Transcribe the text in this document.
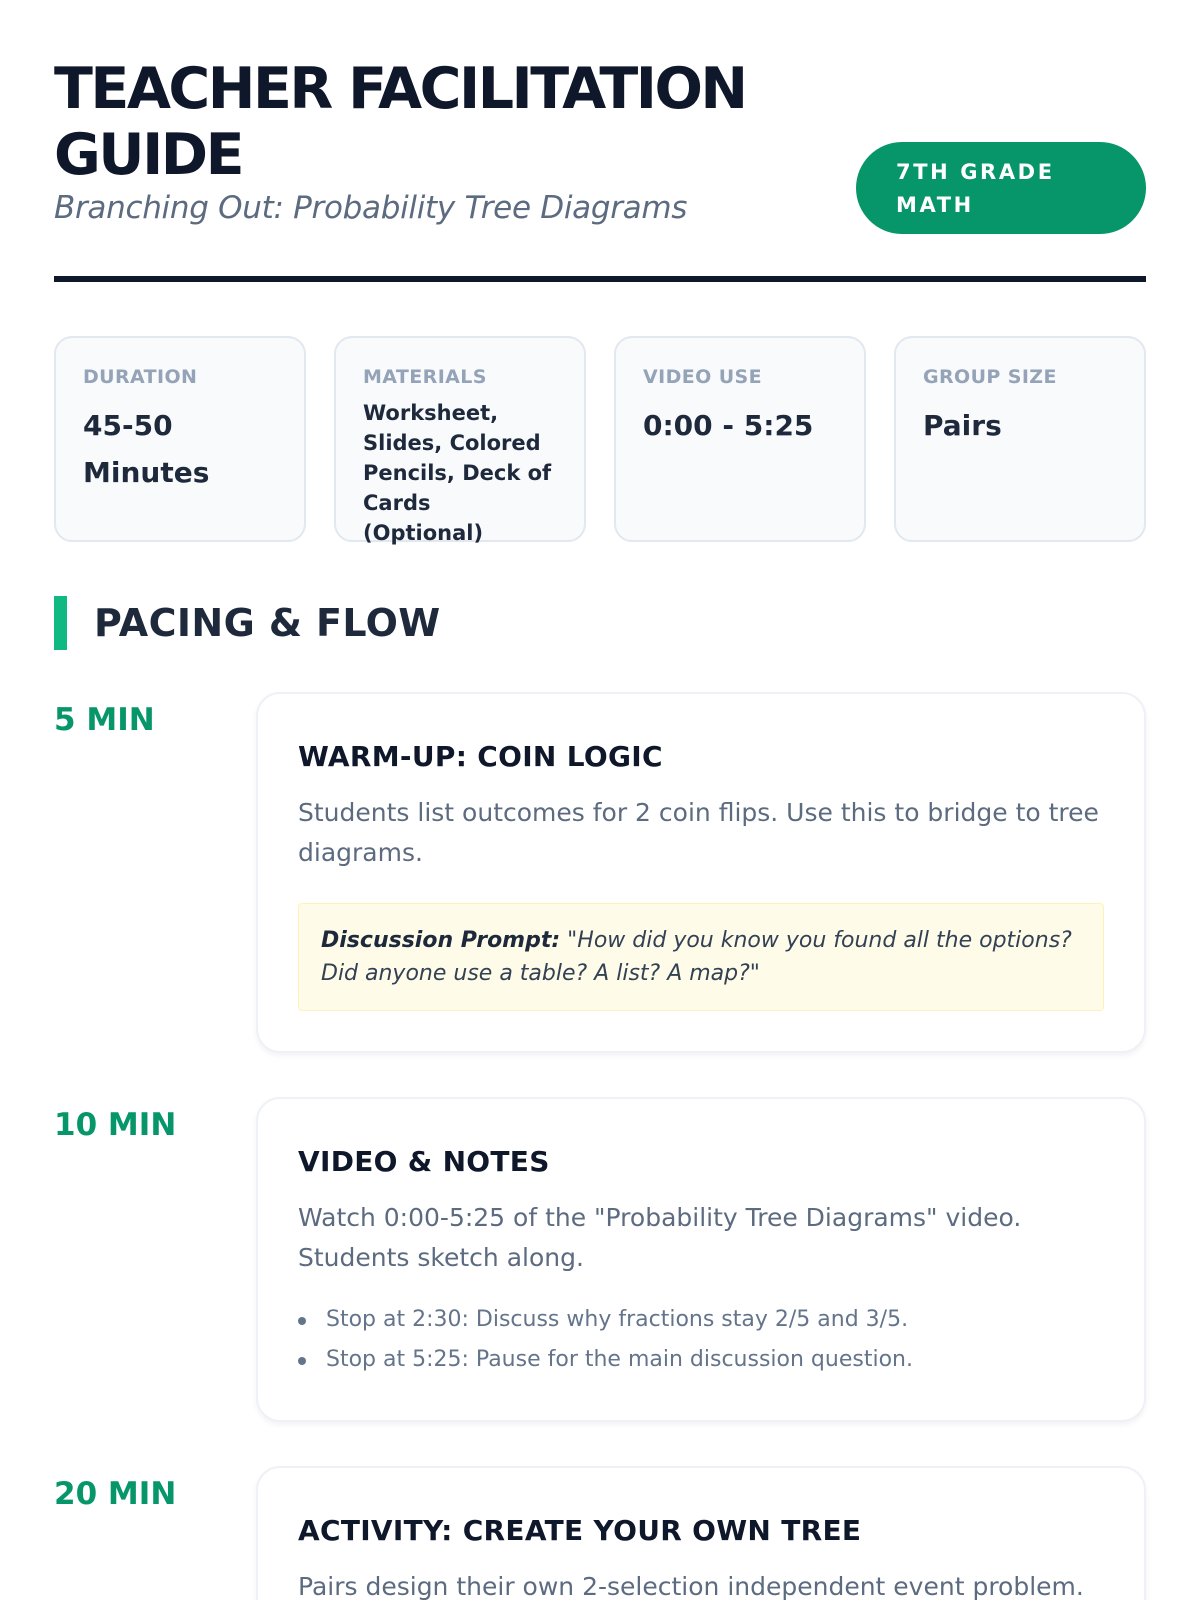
TEACHER FACILITATION GUIDE
Branching Out: Probability Tree Diagrams
7TH GRADE MATH
DURATION
45-50 Minutes
MATERIALS
Worksheet, Slides, Colored Pencils, Deck of Cards (Optional)
VIDEO USE
0:00 - 5:25
GROUP SIZE
Pairs
PACING & FLOW
5 MIN
WARM-UP: COIN LOGIC
Students list outcomes for 2 coin flips. Use this to bridge to tree diagrams.
Discussion Prompt: "How did you know you found all the options? Did anyone use a table? A list? A map?"
10 MIN
VIDEO & NOTES
Watch 0:00-5:25 of the "Probability Tree Diagrams" video. Students sketch along.
Stop at 2:30: Discuss why fractions stay 2/5 and 3/5.
Stop at 5:25: Pause for the main discussion question.
20 MIN
ACTIVITY: CREATE YOUR OWN TREE
Pairs design their own 2-selection independent event problem.
